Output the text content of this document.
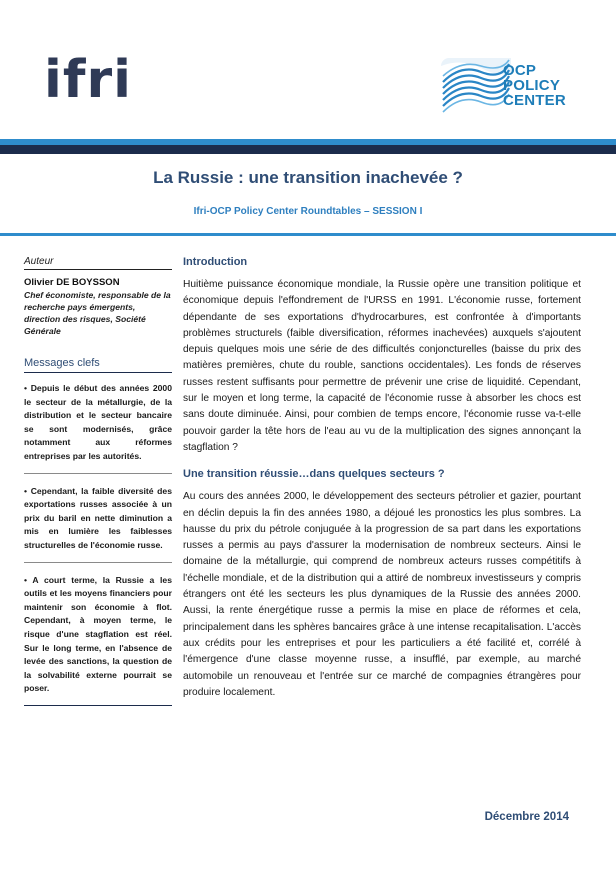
ifri	OCP
POLICY
CENTER
La Russie : une transition inachevée ?

Ifri-OCP Policy Center Roundtables – SESSION I

Auteur

Olivier DE BOYSSON

Chef économiste, responsable de la recherche pays émergents, direction des risques, Société Générale

Messages clefs
• Depuis le début des années 2000 le secteur de la métallurgie, de la distribution et le secteur bancaire se sont modernisés, grâce notamment aux réformes entreprises par les autorités.
• Cependant, la faible diversité des exportations russes associée à un prix du baril en nette diminution a mis en lumière les faiblesses structurelles de l'économie russe.
• A court terme, la Russie a les outils et les moyens financiers pour maintenir son économie à flot. Cependant, à moyen terme, le risque d'une stagflation est réel. Sur le long terme, en l'absence de levée des sanctions, la question de la solvabilité externe pourrait se poser.
Introduction

Huitième puissance économique mondiale, la Russie opère une transition politique et économique depuis l'effondrement de l'URSS en 1991. L'économie russe, fortement dépendante de ses exportations d'hydrocarbures, est confrontée à d'importants problèmes structurels (faible diversification, réformes inachevées) auxquels s'ajoutent depuis quelques mois une série de des difficultés conjoncturelles (baisse du prix des matières premières, chute du rouble, sanctions occidentales). Les fonds de réserves russes restent suffisants pour permettre de prévenir une crise de liquidité. Cependant, sur le moyen et long terme, la capacité de l'économie russe à absorber les chocs est sans doute diminuée. Ainsi, pour combien de temps encore, l'économie russe va-t-elle pouvoir garder la tête hors de l'eau au vu de la multiplication des signes annonçant la stagflation ?

Une transition réussie…dans quelques secteurs ?

Au cours des années 2000, le développement des secteurs pétrolier et gazier, pourtant en déclin depuis la fin des années 1980, a déjoué les pronostics les plus sombres. La hausse du prix du pétrole conjuguée à la progression de sa part dans les exportations russes a permis au pays d'assurer la modernisation de nombreux secteurs. Ainsi le domaine de la métallurgie, qui comprend de nombreux acteurs russes compétitifs à l'échelle mondiale, et de la distribution qui a attiré de nombreux investisseurs y compris étrangers ont été les secteurs les plus dynamiques de la Russie des années 2000. Aussi, la rente énergétique russe a permis la mise en place de réformes et cela, principalement dans les sphères bancaires grâce à une intense recapitalisation. L'accès aux crédits pour les entreprises et pour les particuliers a été facilité et, corrélé à l'émergence d'une classe moyenne russe, a insufflé, par exemple, au marché automobile un renouveau et l'entrée sur ce marché de compagnies étrangères pour produire localement.

Décembre 2014
